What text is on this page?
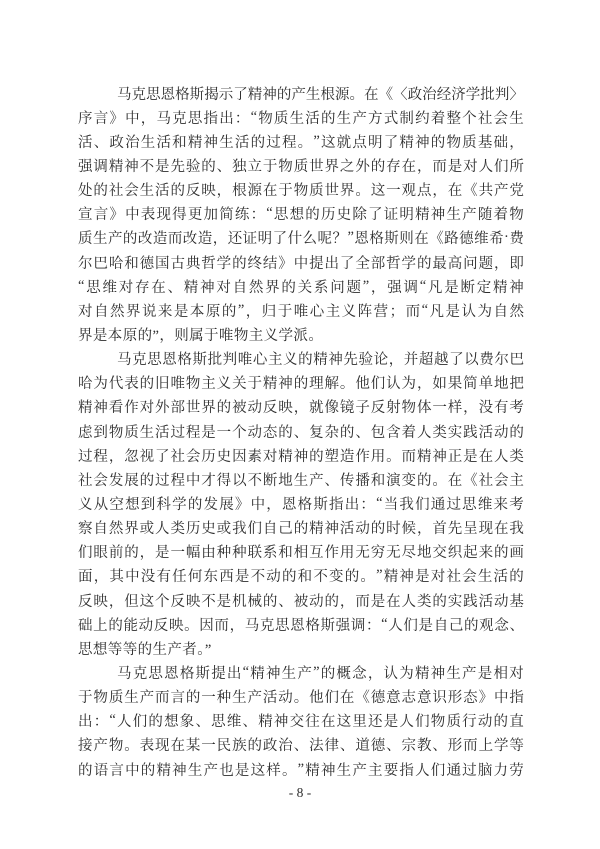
马 克 思 恩 格 斯 揭 示 了 精 神 的 产 生 根 源 。 在 《 〈 政 治 经 济 学 批 判 〉
序 言 》 中 ， 马 克 思 指 出 ： “ 物 质 生 活 的 生 产 方 式 制 约 着 整 个 社 会 生
活 、 政 治 生 活 和 精 神 生 活 的 过 程 。 ” 这 就 点 明 了 精 神 的 物 质 基 础 ，
强 调 精 神 不 是 先 验 的 、 独 立 于 物 质 世 界 之 外 的 存 在 ， 而 是 对 人 们 所
处 的 社 会 生 活 的 反 映 ， 根 源 在 于 物 质 世 界 。 这 一 观 点 ， 在 《 共 产 党
宣 言 》 中 表 现 得 更 加 简 练 ： “ 思 想 的 历 史 除 了 证 明 精 神 生 产 随 着 物
质 生 产 的 改 造 而 改 造 ， 还 证 明 了 什 么 呢 ？ ” 恩 格 斯 则 在 《 路 德 维 希 · 费
尔 巴 哈 和 德 国 古 典 哲 学 的 终 结 》 中 提 出 了 全 部 哲 学 的 最 高 问 题 ， 即
“ 思 维 对 存 在 、 精 神 对 自 然 界 的 关 系 问 题 ” ， 强 调 “ 凡 是 断 定 精 神
对 自 然 界 说 来 是 本 原 的 ” ， 归 于 唯 心 主 义 阵 营 ； 而 “ 凡 是 认 为 自 然
界是本原的”，则属于唯物主义学派。
马 克 思 恩 格 斯 批 判 唯 心 主 义 的 精 神 先 验 论 ， 并 超 越 了 以 费 尔 巴
哈 为 代 表 的 旧 唯 物 主 义 关 于 精 神 的 理 解 。 他 们 认 为 ， 如 果 简 单 地 把
精 神 看 作 对 外 部 世 界 的 被 动 反 映 ， 就 像 镜 子 反 射 物 体 一 样 ， 没 有 考
虑 到 物 质 生 活 过 程 是 一 个 动 态 的 、 复 杂 的 、 包 含 着 人 类 实 践 活 动 的
过 程 ， 忽 视 了 社 会 历 史 因 素 对 精 神 的 塑 造 作 用 。 而 精 神 正 是 在 人 类
社 会 发 展 的 过 程 中 才 得 以 不 断 地 生 产 、 传 播 和 演 变 的 。 在 《 社 会 主
义 从 空 想 到 科 学 的 发 展 》 中 ， 恩 格 斯 指 出 ： “ 当 我 们 通 过 思 维 来 考
察 自 然 界 或 人 类 历 史 或 我 们 自 己 的 精 神 活 动 的 时 候 ， 首 先 呈 现 在 我
们 眼 前 的 ， 是 一 幅 由 种 种 联 系 和 相 互 作 用 无 穷 无 尽 地 交 织 起 来 的 画
面 ， 其 中 没 有 任 何 东 西 是 不 动 的 和 不 变 的 。 ” 精 神 是 对 社 会 生 活 的
反 映 ， 但 这 个 反 映 不 是 机 械 的 、 被 动 的 ， 而 是 在 人 类 的 实 践 活 动 基
础 上 的 能 动 反 映 。 因 而 ， 马 克 思 恩 格 斯 强 调 ： “ 人 们 是 自 己 的 观 念 、
思想等等的生产者。”
马 克 思 恩 格 斯 提 出 “ 精 神 生 产 ” 的 概 念 ， 认 为 精 神 生 产 是 相 对
于 物 质 生 产 而 言 的 一 种 生 产 活 动 。 他 们 在 《 德 意 志 意 识 形 态 》 中 指
出 ： “ 人 们 的 想 象 、 思 维 、 精 神 交 往 在 这 里 还 是 人 们 物 质 行 动 的 直
接 产 物 。 表 现 在 某 一 民 族 的 政 治 、 法 律 、 道 德 、 宗 教 、 形 而 上 学 等
的 语 言 中 的 精 神 生 产 也 是 这 样 。 ” 精 神 生 产 主 要 指 人 们 通 过 脑 力 劳
- 8 -
